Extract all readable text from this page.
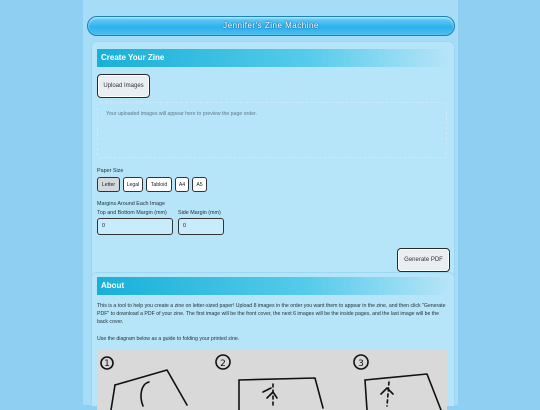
Jennifer's Zine Machine
Create Your Zine
Upload Images
Your uploaded images will appear here to preview the page order.
Paper Size
Letter	Legal	Tabloid	A4	A5
Margins Around Each Image
Top and Bottom Margin (mm) Side Margin (mm)
0	0
Generate PDF
About
This is a tool to help you create a zine on letter-sized paper! Upload 8 images in the order you want them to appear in the zine, and then click "Generate PDF" to download a PDF of your zine. The first image will be the front cover, the next 6 images will be the inside pages, and the last image will be the back cover.
Use the diagram below as a guide to folding your printed zine.
1	2	3
